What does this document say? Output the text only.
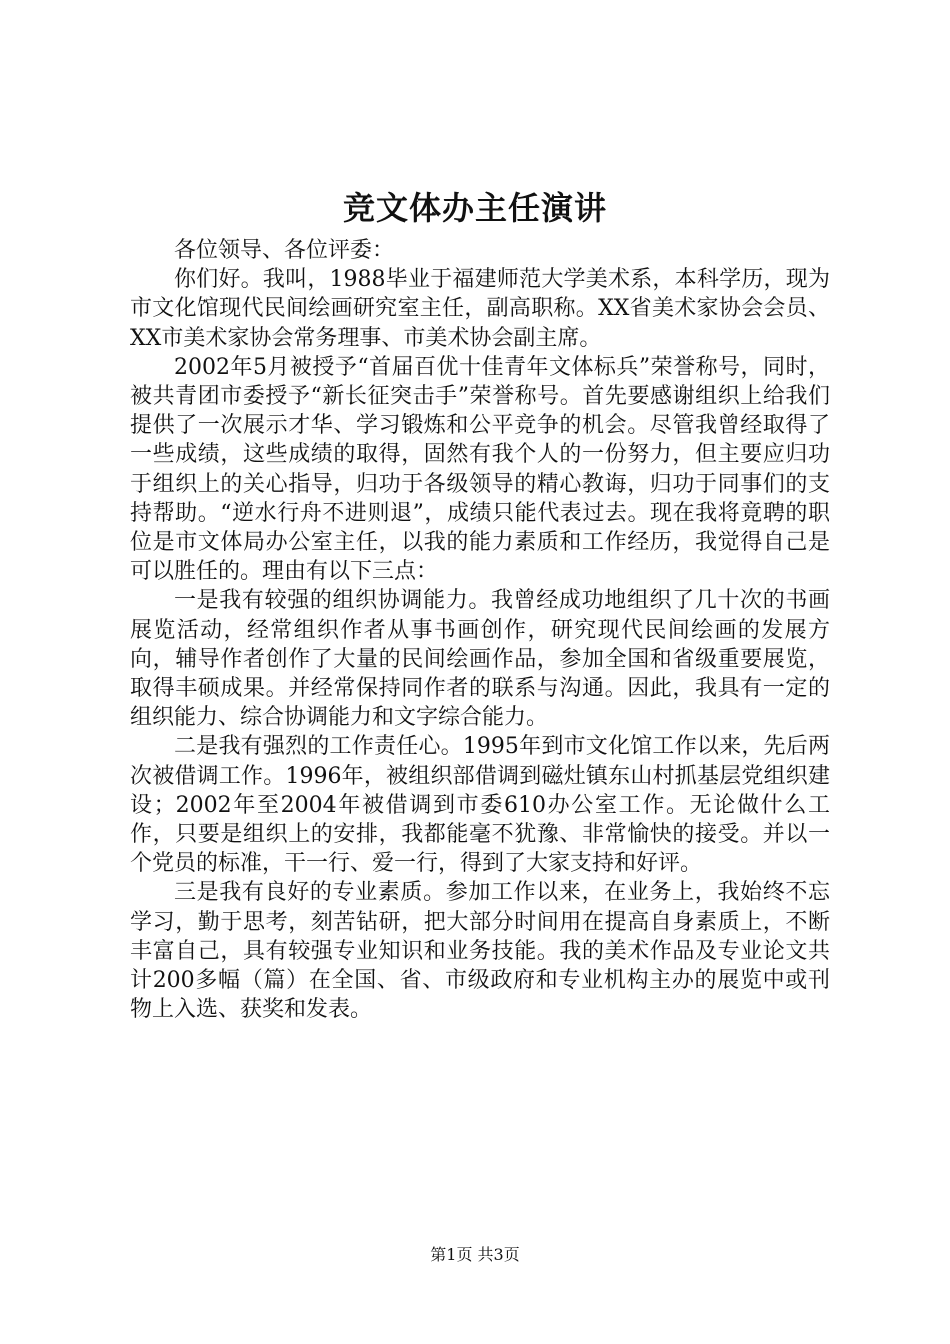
竞文体办主任演讲

各位领导、各位评委：

你们好。我叫，1988毕业于福建师范大学美术系，本科学历，现为市文化馆现代民间绘画研究室主任，副高职称。XX省美术家协会会员、XX市美术家协会常务理事、市美术协会副主席。

2002年5月被授予“首届百优十佳青年文体标兵”荣誉称号，同时，被共青团市委授予“新长征突击手”荣誉称号。首先要感谢组织上给我们提供了一次展示才华、学习锻炼和公平竞争的机会。尽管我曾经取得了一些成绩，这些成绩的取得，固然有我个人的一份努力，但主要应归功于组织上的关心指导，归功于各级领导的精心教诲，归功于同事们的支持帮助。“逆水行舟不进则退”，成绩只能代表过去。现在我将竟聘的职位是市文体局办公室主任，以我的能力素质和工作经历，我觉得自己是可以胜任的。理由有以下三点：

一是我有较强的组织协调能力。我曾经成功地组织了几十次的书画展览活动，经常组织作者从事书画创作，研究现代民间绘画的发展方向，辅导作者创作了大量的民间绘画作品，参加全国和省级重要展览，取得丰硕成果。并经常保持同作者的联系与沟通。因此，我具有一定的组织能力、综合协调能力和文字综合能力。

二是我有强烈的工作责任心。1995年到市文化馆工作以来，先后两次被借调工作。1996年，被组织部借调到磁灶镇东山村抓基层党组织建设；2002年至2004年被借调到市委610办公室工作。无论做什么工作，只要是组织上的安排，我都能毫不犹豫、非常愉快的接受。并以一个党员的标准，干一行、爱一行，得到了大家支持和好评。

三是我有良好的专业素质。参加工作以来，在业务上，我始终不忘学习，勤于思考，刻苦钻研，把大部分时间用在提高自身素质上，不断丰富自己，具有较强专业知识和业务技能。我的美术作品及专业论文共计200多幅（篇）在全国、省、市级政府和专业机构主办的展览中或刊物上入选、获奖和发表。

第1页 共3页
